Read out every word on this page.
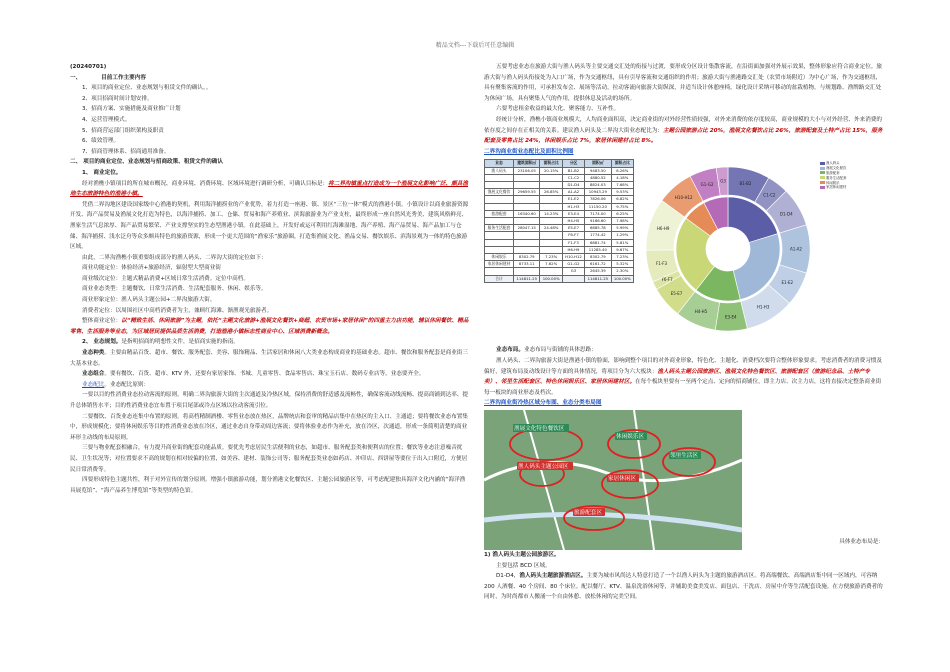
精品文档---下载后可任意编辑

(20240701)

一、	目前工作主要内容

1、项目的商业定位、业态规划与租赁文件的确认。。

2、项目招商时间计划安排。

3、招商方案、实施措施及商业推广计划

4、运营管理模式。

5、招商营运部门组织架构及职责

6、绩效管理。

7、招商管理体系、招商通用准备。

二、 项目的商业定位、业态规划与招商政策、租赁文件的确认

1、 商业定位。

经对渔樵小镇项目的所在城市概况、商业环境、消费环境、区域环境进行调研分析，可确认目标是：将二界沟镇重点打造成为一个渔展文化影响广泛、颇具渔地生态旅游特色的渔港小镇。

凭借二界沟地区建设国家级中心渔港的契机，利用海洋捕捞业的产业优势，着力打造一座港、镇、景区“三位一体”模式的渔港小镇。小镇设计以商业旅游资源开发、海产品贸易及渔展文化打造为特色，以海洋捕捞、加工、仓储、贸易和海产养殖业、滨海旅游业为产业支柱，最终形成一座自然风光秀美、建筑风格鲜亮、渔家生活气息浓厚、海产品贸易繁荣、产业支撑坚实的生态型渔港小镇。在此基础上，开发好或运可利用红海滩湿地、海产养殖、海产品贸易、海产品加工与仓储、海洋捕捞、浅水泛舟等众多颇具特色的旅游资源，形成一个更大范围的“渔家乐”旅游圈，打造集渔展文化、渔品交易、餐饮娱乐、滨海景观为一体的特色旅游区域。

由此，二界沟渔樵小镇重要组成部分的渔人码头、二界沟大街的定位如下：

商业功能定位：体验经济+旅游经济，辐射型大型商业街

商业级次定位：主题式精品消费+区域日常生活消费。定位中高档。

商业业态类型：主题餐饮、日常生活消费、生活配套服务、休闲、娱乐等。

商业形象定位：渔人码头主题公园+二界沟旅游大街。

消费者定位：以周围社区中高档消费者为主，兼顾红海滩、渐渔观光旅游者。

整体商业定位：以“精致生活、休闲旅游”为主题，依托“主题文化旅游+渔展文化餐饮+商超、农贸市场+家居休闲”的四重主力店功能，辅以休闲餐饮、精品零售、生活服务等业态，为区域居民提供品质生活消费，打造渔港小镇标志性商业中心、区域消费新概念。

2、 业态规划。是指明招商的明想性文件，是招商实施的指南。

业态种类。主要由精品百货、超市、餐饮、服务配套、美容、服饰精品、生活家居和休闲八大类业态构成商业的基础业态。超市、餐饮和服务配套是商业街三大基本业态。

业态组合。要有餐饮、百货、超市、KTV 外，还要有家居家饰、书城、儿童零售、食品零售店、珠宝玉石店、数码专业店等，业态要齐全。

业态配比。业态配比原则：

一要以目的性消费业态拉动客流的原则。明确二界沟旅游大街的主次通道及冷热区域，保持消费的舒适感及流畅性，确保客流动线流畅、提高商铺到达率、提升总体销售水平；目的性消费业态宜布置于项目尾部或冷点区域以拉动客流引位。

二要餐饮、百货业态连集中布置的原则。将高档精制酒楼、零售业态放在热区，品牌统店和套审的精品店集中在热区的主入口、主通道；要将餐饮业态布置集中，形成规模化；要将休闲娱乐等目的性消费业态放在冷区，通过业态自身带动周边客流；要将体验业态作为补充，放在冷区，次通道，形成一条简明清楚的商业环形主动线的布局原则。

三要与物业配套相融合，有力提升商业街的配套功能品质。要优先考虑居民生活便利的业态，如超市、服务配套类和便利店的位置；餐饮等业态注意噪音扰民、卫生状况等；对位置要求不高的规划在相对较偏的位置，如美容、建材、装饰公司等；服务配套类业态如药店、冲印店、西饼屋等要位于出入口附近，方便居民日常消费等。

四要形成特色主题共性，利于对外宣传的划分原则。增强小镇旅游功能，划分渔港文化餐饮区、主题公园旅游区等，可考虑配建独具海洋文化内涵的“海洋渔具展览馆”、“海产品养生博览馆”等类型的特色馆。

五要考虑业态在旅游大街与渔人码头等主要交通交汇处的衔接与过渡，要形成分区设计集散客流，在沿街面加强对外展示效果，整体形象应符合商业定位。旅游大街与渔人码头衔接处为入口广场，作为交通枢纽，具有引导客流和交通组织的作用；旅游大街与渔港路交汇处（农贸市场附近）为中心广场，作为交通枢纽，具有聚集客流的作用，可承担发布会、展场等活动，拉动客流向旅游大街纵深，并适当设计休憩座椅，绿化设计采纳可移动的盆栽植物。与规划路、渔牌路交汇处为休闲广场，具有聚集人气的作用，提供休息及活动的场所。

六要考虑租金收益的最大化、聚客能力、互补性。

经统计分析，渔樵小镇商业规模大，人均商业面积高，决定商业街的对外经营性质较强，对外来消费的依存度较高，商业规模的大小与对外经营、外来消费的依存度之间存在正相关的关系。建议渔人码头及二界沟大街业态配比为：主题公园旅游占比 20%，渔展文化餐饮占比 26%，旅游配套及土特产占比 15%，服务配套及零售占比 24%，休闲娱乐占比 7%，家居休闲建材占比 8%。

二界沟商业街业态配比及面积比例图

业态	建筑面积㎡	面积占比	分区	面积㎡	面积占比
渔人码头	23106.05	20.15%	B1-B2	9483.50	8.26%
			C1-C2	4880.52	4.18%
			D1-D4	8824.03	7.68%
渔展文化餐饮	29659.55	26.85%	A1-A2	10943.29	9.53%
			E1-E2	7826.06	6.82%
			H1-H3	11150.20	9.75%
旅游配套	16340.60	14.23%	E3-E4	7174.00	6.25%
			H4-H5	9166.60	7.98%
服务生活配套	28047.15	24.48%	E5-E7	6885.78	5.99%
			F6-F7	1774.42	1.29%
			F1-F3	6881.74	5.81%
			H6-H9	11285.40	9.67%
休闲娱乐	8302.79	7.23%	H10-H12	8302.79	7.23%
家居休闲建材	8733.11	7.62%	G1-G2	6161.72	5.32%
			G3	2645.39	2.30%
合计	114811.25	100.00%		114811.25	100.00%
B1-B2
C1-C2
D1-D4
A1-A2
E1-E2
H1-H3
E3-E4
H4-H5
E5-E7
F6-F7
F1-F3
H6-H9
H10-H12
G1-G2
G3
渔人码头
渔展文化餐饮
旅游配套
服务生活配套
休闲娱乐
家居休闲建材

业态布局。业态布局与街铺的具体思路：

渔人码头、二界沟旅游大街是渔港小镇的脸面，影响到整个项目的对外商业形象，特色化、主题化、消费档次要符合整体形象要求。考虑消费者的消费习惯及偏好，建筑布局及动线设计等方面的具体情况，将项目分为六大板块：渔人码头主题公园旅游区、渔展文化特色餐饮区、旅游配套区（旅游纪念品、土特产专卖）、邻里生活配套区、特色休闲娱乐区、家居休闲建材区。在每个板块里要有一至两个定点、定向的招商铺位，即主力店、次主力店，这将直接决定整条商业街每一板块的商业形态及档次。

二界沟商业街冷热区域分布图、业态分类布局图

渔展文化特色餐饮区
渔人码头主题公园区
休闲娱乐区
家居休闲区
邻里生活区
旅游配套区
具体业态布局是：

1) 渔人码头主题公园旅游区。

主要包括 BCD 区域。

D1-D4，渔人码头主题旅游酒店区。主要为城市风尚达人特意打造了一个以渔人码头为主题的旅游酒店区。将高端餐饮、高端酒店集中同一区域内，可容纳 200 人酒餐、40 个房间、80 个床位。配以餐厅、KTV、温泉洗浴休闲等，并辅助美食美发店、面包店、干洗店、房屋中介等生活配套设施。在方便旅游消费者的同时，为时尚都市人搬涌一个自由休憩、放松休闲的完美空间。
